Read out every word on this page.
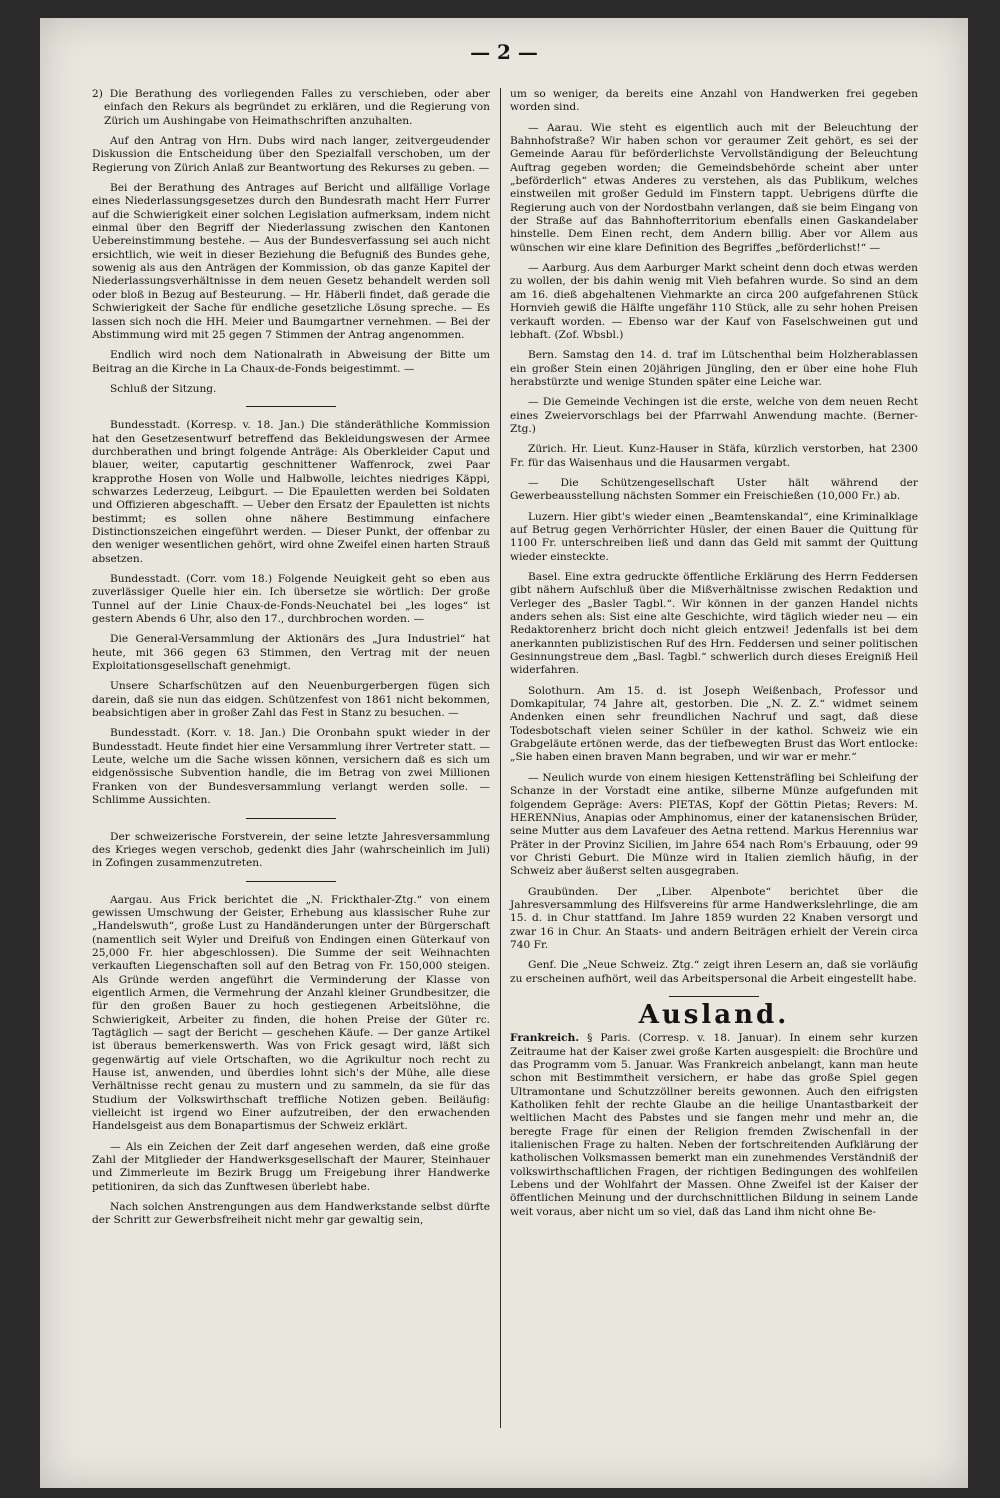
— 2 —

2) Die Berathung des vorliegenden Falles zu verschieben, oder aber einfach den Rekurs als begründet zu erklären, und die Regierung von Zürich um Aushingabe von Heimathschriften anzuhalten.

Auf den Antrag von Hrn. Dubs wird nach langer, zeitvergeudender Diskussion die Entscheidung über den Spezialfall verschoben, um der Regierung von Zürich Anlaß zur Beantwortung des Rekurses zu geben. —

Bei der Berathung des Antrages auf Bericht und allfällige Vorlage eines Niederlassungsgesetzes durch den Bundesrath macht Herr Furrer auf die Schwierigkeit einer solchen Legislation aufmerksam, indem nicht einmal über den Begriff der Niederlassung zwischen den Kantonen Uebereinstimmung bestehe. — Aus der Bundesverfassung sei auch nicht ersichtlich, wie weit in dieser Beziehung die Befugniß des Bundes gehe, sowenig als aus den Anträgen der Kommission, ob das ganze Kapitel der Niederlassungsverhältnisse in dem neuen Gesetz behandelt werden soll oder bloß in Bezug auf Besteurung. — Hr. Häberli findet, daß gerade die Schwierigkeit der Sache für endliche gesetzliche Lösung spreche. — Es lassen sich noch die HH. Meier und Baumgartner vernehmen. — Bei der Abstimmung wird mit 25 gegen 7 Stimmen der Antrag angenommen.

Endlich wird noch dem Nationalrath in Abweisung der Bitte um Beitrag an die Kirche in La Chaux-de-Fonds beigestimmt. —

Schluß der Sitzung.

Bundesstadt. (Korresp. v. 18. Jan.) Die ständeräthliche Kommission hat den Gesetzesentwurf betreffend das Bekleidungswesen der Armee durchberathen und bringt folgende Anträge: Als Oberkleider Caput und blauer, weiter, caputartig geschnittener Waffenrock, zwei Paar krapprothe Hosen von Wolle und Halbwolle, leichtes niedriges Käppi, schwarzes Lederzeug, Leibgurt. — Die Epauletten werden bei Soldaten und Offizieren abgeschafft. — Ueber den Ersatz der Epauletten ist nichts bestimmt; es sollen ohne nähere Bestimmung einfachere Distinctionszeichen eingeführt werden. — Dieser Punkt, der offenbar zu den weniger wesentlichen gehört, wird ohne Zweifel einen harten Strauß absetzen.

Bundesstadt. (Corr. vom 18.) Folgende Neuigkeit geht so eben aus zuverlässiger Quelle hier ein. Ich übersetze sie wörtlich: Der große Tunnel auf der Linie Chaux-de-Fonds-Neuchatel bei „les loges“ ist gestern Abends 6 Uhr, also den 17., durchbrochen worden. —

Die General-Versammlung der Aktionärs des „Jura Industriel“ hat heute, mit 366 gegen 63 Stimmen, den Vertrag mit der neuen Exploitationsgesellschaft genehmigt.

Unsere Scharfschützen auf den Neuenburgerbergen fügen sich darein, daß sie nun das eidgen. Schützenfest von 1861 nicht bekommen, beabsichtigen aber in großer Zahl das Fest in Stanz zu besuchen. —

Bundesstadt. (Korr. v. 18. Jan.) Die Oronbahn spukt wieder in der Bundesstadt. Heute findet hier eine Versammlung ihrer Vertreter statt. — Leute, welche um die Sache wissen können, versichern daß es sich um eidgenössische Subvention handle, die im Betrag von zwei Millionen Franken von der Bundesversammlung verlangt werden solle. — Schlimme Aussichten.

Der schweizerische Forstverein, der seine letzte Jahresversammlung des Krieges wegen verschob, gedenkt dies Jahr (wahrscheinlich im Juli) in Zofingen zusammenzutreten.

Aargau. Aus Frick berichtet die „N. Frickthaler-Ztg.“ von einem gewissen Umschwung der Geister, Erhebung aus klassischer Ruhe zur „Handelswuth“, große Lust zu Handänderungen unter der Bürgerschaft (namentlich seit Wyler und Dreifuß von Endingen einen Güterkauf von 25,000 Fr. hier abgeschlossen). Die Summe der seit Weihnachten verkauften Liegenschaften soll auf den Betrag von Fr. 150,000 steigen. Als Gründe werden angeführt die Verminderung der Klasse von eigentlich Armen, die Vermehrung der Anzahl kleiner Grundbesitzer, die für den großen Bauer zu hoch gestiegenen Arbeitslöhne, die Schwierigkeit, Arbeiter zu finden, die hohen Preise der Güter rc. Tagtäglich — sagt der Bericht — geschehen Käufe. — Der ganze Artikel ist überaus bemerkenswerth. Was von Frick gesagt wird, läßt sich gegenwärtig auf viele Ortschaften, wo die Agrikultur noch recht zu Hause ist, anwenden, und überdies lohnt sich's der Mühe, alle diese Verhältnisse recht genau zu mustern und zu sammeln, da sie für das Studium der Volkswirthschaft treffliche Notizen geben. Beiläufig: vielleicht ist irgend wo Einer aufzutreiben, der den erwachenden Handelsgeist aus dem Bonapartismus der Schweiz erklärt.

— Als ein Zeichen der Zeit darf angesehen werden, daß eine große Zahl der Mitglieder der Handwerksgesellschaft der Maurer, Steinhauer und Zimmerleute im Bezirk Brugg um Freigebung ihrer Handwerke petitioniren, da sich das Zunftwesen überlebt habe.

Nach solchen Anstrengungen aus dem Handwerkstande selbst dürfte der Schritt zur Gewerbsfreiheit nicht mehr gar gewaltig sein,

um so weniger, da bereits eine Anzahl von Handwerken frei gegeben worden sind.

— Aarau. Wie steht es eigentlich auch mit der Beleuchtung der Bahnhofstraße? Wir haben schon vor geraumer Zeit gehört, es sei der Gemeinde Aarau für beförderlichste Vervollständigung der Beleuchtung Auftrag gegeben worden; die Gemeindsbehörde scheint aber unter „beförderlich“ etwas Anderes zu verstehen, als das Publikum, welches einstweilen mit großer Geduld im Finstern tappt. Uebrigens dürfte die Regierung auch von der Nordostbahn verlangen, daß sie beim Eingang von der Straße auf das Bahnhofterritorium ebenfalls einen Gaskandelaber hinstelle. Dem Einen recht, dem Andern billig. Aber vor Allem aus wünschen wir eine klare Definition des Begriffes „beförderlichst!“ —

— Aarburg. Aus dem Aarburger Markt scheint denn doch etwas werden zu wollen, der bis dahin wenig mit Vieh befahren wurde. So sind an dem am 16. dieß abgehaltenen Viehmarkte an circa 200 aufgefahrenen Stück Hornvieh gewiß die Hälfte ungefähr 110 Stück, alle zu sehr hohen Preisen verkauft worden. — Ebenso war der Kauf von Faselschweinen gut und lebhaft. (Zof. Wbsbl.)

Bern. Samstag den 14. d. traf im Lütschenthal beim Holzherablassen ein großer Stein einen 20jährigen Jüngling, den er über eine hohe Fluh herabstürzte und wenige Stunden später eine Leiche war.

— Die Gemeinde Vechingen ist die erste, welche von dem neuen Recht eines Zweiervorschlags bei der Pfarrwahl Anwendung machte. (Berner-Ztg.)

Zürich. Hr. Lieut. Kunz-Hauser in Stäfa, kürzlich verstorben, hat 2300 Fr. für das Waisenhaus und die Hausarmen vergabt.

— Die Schützengesellschaft Uster hält während der Gewerbeausstellung nächsten Sommer ein Freischießen (10,000 Fr.) ab.

Luzern. Hier gibt's wieder einen „Beamtenskandal“, eine Kriminalklage auf Betrug gegen Verhörrichter Hüsler, der einen Bauer die Quittung für 1100 Fr. unterschreiben ließ und dann das Geld mit sammt der Quittung wieder einsteckte.

Basel. Eine extra gedruckte öffentliche Erklärung des Herrn Feddersen gibt nähern Aufschluß über die Mißverhältnisse zwischen Redaktion und Verleger des „Basler Tagbl.“. Wir können in der ganzen Handel nichts anders sehen als: Sist eine alte Geschichte, wird täglich wieder neu — ein Redaktorenherz bricht doch nicht gleich entzwei! Jedenfalls ist bei dem anerkannten publizistischen Ruf des Hrn. Feddersen und seiner politischen Gesinnungstreue dem „Basl. Tagbl.“ schwerlich durch dieses Ereigniß Heil widerfahren.

Solothurn. Am 15. d. ist Joseph Weißenbach, Professor und Domkapitular, 74 Jahre alt, gestorben. Die „N. Z. Z.“ widmet seinem Andenken einen sehr freundlichen Nachruf und sagt, daß diese Todesbotschaft vielen seiner Schüler in der kathol. Schweiz wie ein Grabgeläute ertönen werde, das der tiefbewegten Brust das Wort entlocke: „Sie haben einen braven Mann begraben, und wir war er mehr.“

— Neulich wurde von einem hiesigen Kettensträfling bei Schleifung der Schanze in der Vorstadt eine antike, silberne Münze aufgefunden mit folgendem Gepräge: Avers: PIETAS, Kopf der Göttin Pietas; Revers: M. HERENNius, Anapias oder Amphinomus, einer der katanensischen Brüder, seine Mutter aus dem Lavafeuer des Aetna rettend. Markus Herennius war Präter in der Provinz Sicilien, im Jahre 654 nach Rom's Erbauung, oder 99 vor Christi Geburt. Die Münze wird in Italien ziemlich häufig, in der Schweiz aber äußerst selten ausgegraben.

Graubünden. Der „Liber. Alpenbote“ berichtet über die Jahresversammlung des Hilfsvereins für arme Handwerkslehrlinge, die am 15. d. in Chur stattfand. Im Jahre 1859 wurden 22 Knaben versorgt und zwar 16 in Chur. An Staats- und andern Beiträgen erhielt der Verein circa 740 Fr.

Genf. Die „Neue Schweiz. Ztg.“ zeigt ihren Lesern an, daß sie vorläufig zu erscheinen aufhört, weil das Arbeitspersonal die Arbeit eingestellt habe.

Ausland.

Frankreich. § Paris. (Corresp. v. 18. Januar). In einem sehr kurzen Zeitraume hat der Kaiser zwei große Karten ausgespielt: die Brochüre und das Programm vom 5. Januar. Was Frankreich anbelangt, kann man heute schon mit Bestimmtheit versichern, er habe das große Spiel gegen Ultramontane und Schutzzöllner bereits gewonnen. Auch den eifrigsten Katholiken fehlt der rechte Glaube an die heilige Unantastbarkeit der weltlichen Macht des Pabstes und sie fangen mehr und mehr an, die beregte Frage für einen der Religion fremden Zwischenfall in der italienischen Frage zu halten. Neben der fortschreitenden Aufklärung der katholischen Volksmassen bemerkt man ein zunehmendes Verständniß der volkswirthschaftlichen Fragen, der richtigen Bedingungen des wohlfeilen Lebens und der Wohlfahrt der Massen. Ohne Zweifel ist der Kaiser der öffentlichen Meinung und der durchschnittlichen Bildung in seinem Lande weit voraus, aber nicht um so viel, daß das Land ihm nicht ohne Be-
